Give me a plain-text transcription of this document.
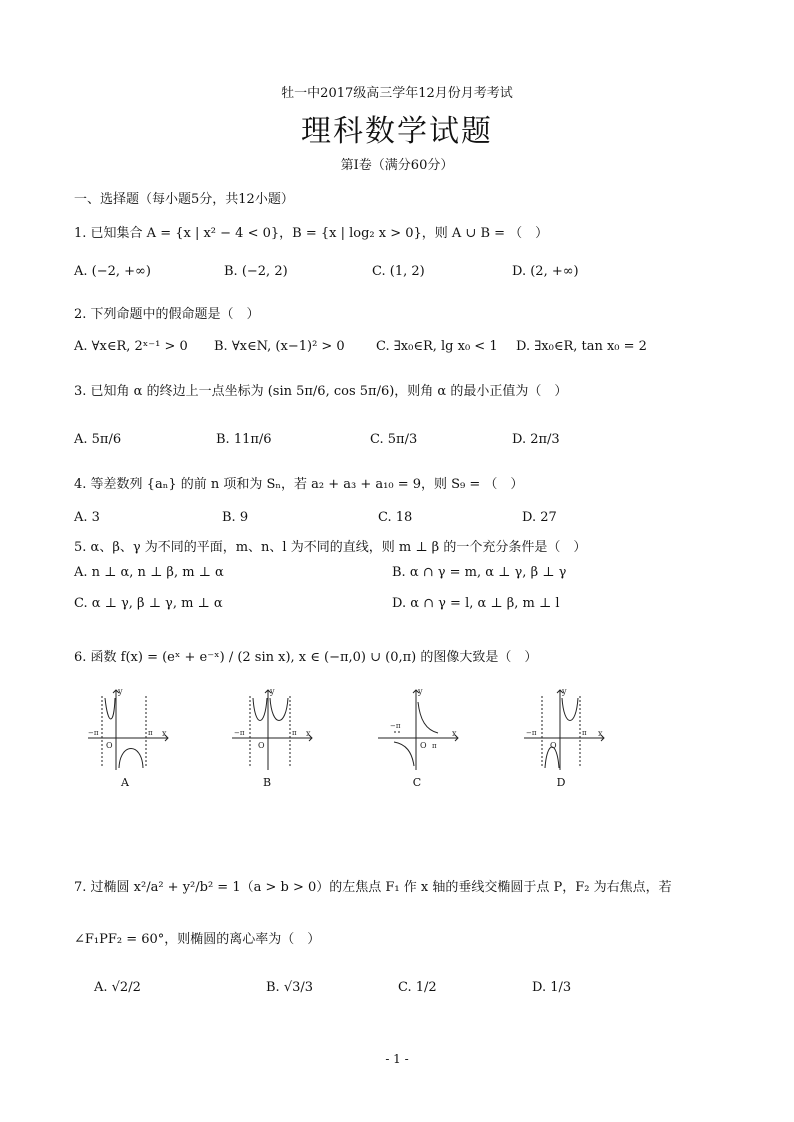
牡一中2017级高三学年12月份月考考试
理科数学试题
第I卷（满分60分）
一、选择题（每小题5分，共12小题）
1. 已知集合 A = {x | x² − 4 < 0}，B = {x | log₂ x > 0}，则 A ∪ B = （　）
A. (−2, +∞)	B. (−2, 2)	C. (1, 2)	D. (2, +∞)
2. 下列命题中的假命题是（　）
A. ∀x∈R, 2ˣ⁻¹ > 0 B. ∀x∈N, (x−1)² > 0 C. ∃x₀∈R, lg x₀ < 1 D. ∃x₀∈R, tan x₀ = 2
3. 已知角 α 的终边上一点坐标为 (sin 5π/6, cos 5π/6)，则角 α 的最小正值为（　）
A. 5π/6	B. 11π/6	C. 5π/3	D. 2π/3
4. 等差数列 {aₙ} 的前 n 项和为 Sₙ，若 a₂ + a₃ + a₁₀ = 9，则 S₉ = （　）
A. 3	B. 9	C. 18	D. 27
5. α、β、γ 为不同的平面，m、n、l 为不同的直线，则 m ⊥ β 的一个充分条件是（　）
A. n ⊥ α, n ⊥ β, m ⊥ α	B. α ∩ γ = m, α ⊥ γ, β ⊥ γ
C. α ⊥ γ, β ⊥ γ, m ⊥ α	D. α ∩ γ = l, α ⊥ β, m ⊥ l
6. 函数 f(x) = (eˣ + e⁻ˣ) / (2 sin x), x ∈ (−π,0) ∪ (0,π) 的图像大致是（　）
y
x
O
−π	π
A
y
x
O
−π	π
B
y
x
O
−π
π
C
y
x
O
−π	π
D
7. 过椭圆 x²/a² + y²/b² = 1（a > b > 0）的左焦点 F₁ 作 x 轴的垂线交椭圆于点 P，F₂ 为右焦点，若
∠F₁PF₂ = 60°，则椭圆的离心率为（　）
A. √2/2	B. √3/3	C. 1/2	D. 1/3
- 1 -
